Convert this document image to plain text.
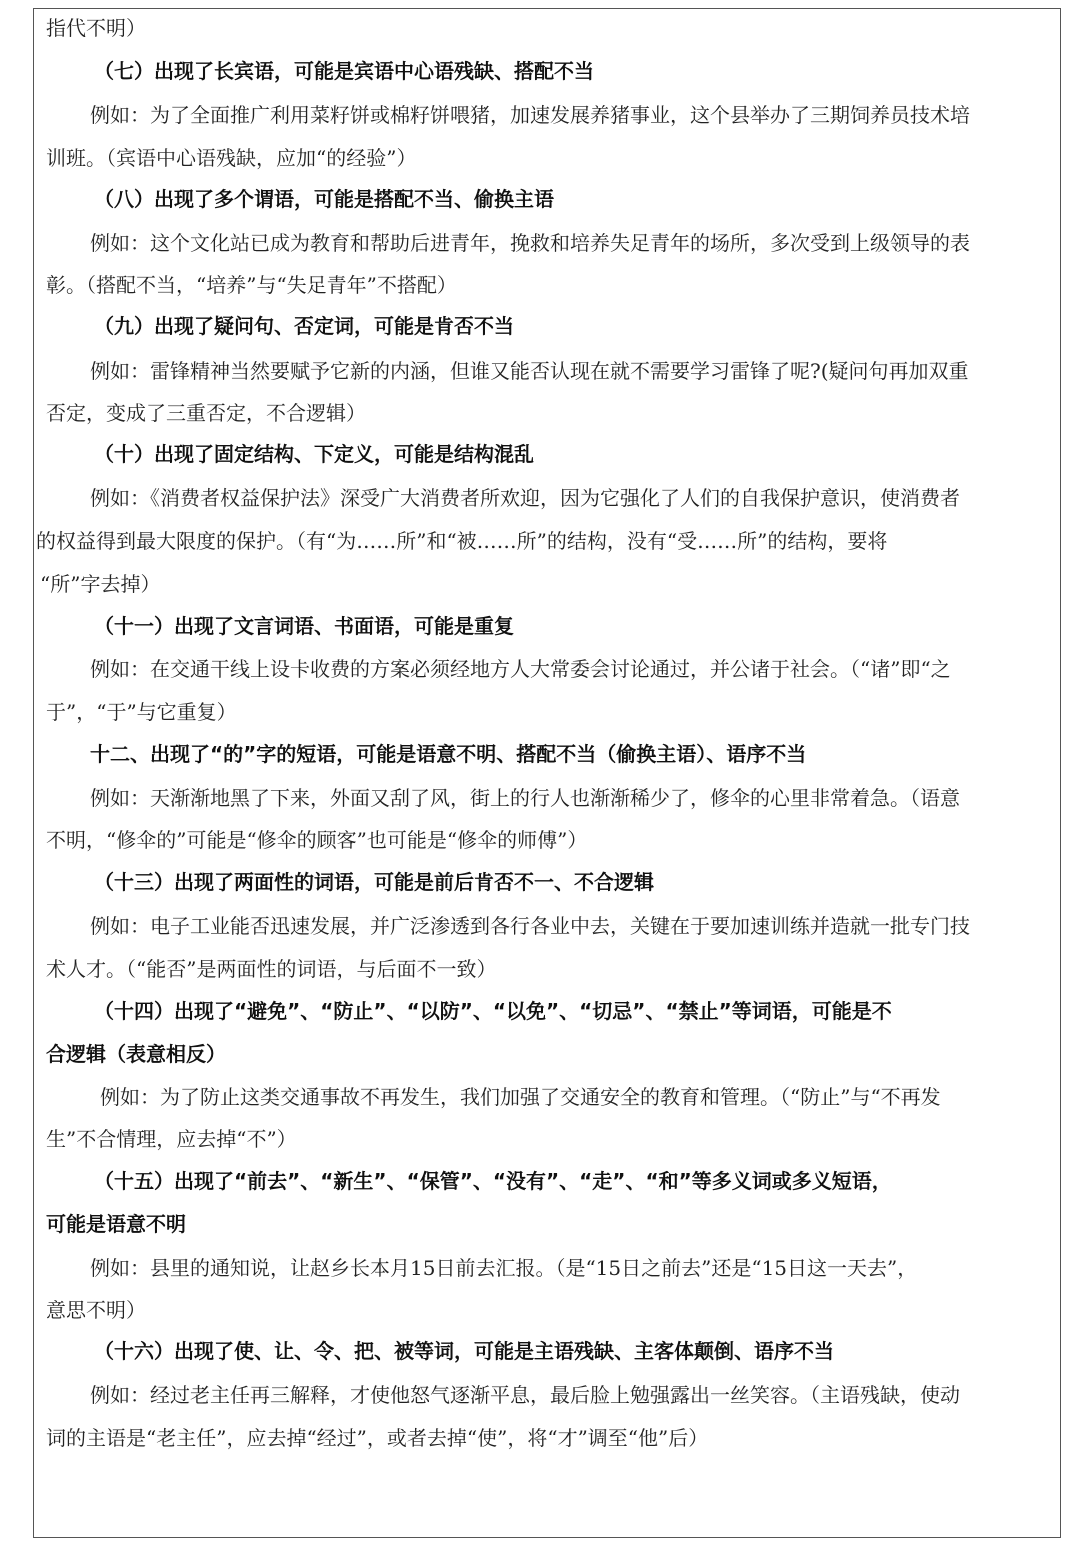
指代不明）
（七）出现了长宾语，可能是宾语中心语残缺、搭配不当
例如：为了全面推广利用菜籽饼或棉籽饼喂猪，加速发展养猪事业，这个县举办了三期饲养员技术培
训班。（宾语中心语残缺，应加“的经验”）
（八）出现了多个谓语，可能是搭配不当、偷换主语
例如：这个文化站已成为教育和帮助后进青年，挽救和培养失足青年的场所，多次受到上级领导的表
彰。（搭配不当，“培养”与“失足青年”不搭配）
（九）出现了疑问句、否定词，可能是肯否不当
例如：雷锋精神当然要赋予它新的内涵，但谁又能否认现在就不需要学习雷锋了呢?(疑问句再加双重
否定，变成了三重否定，不合逻辑）
（十）出现了固定结构、下定义，可能是结构混乱
例如：《消费者权益保护法》深受广大消费者所欢迎，因为它强化了人们的自我保护意识，使消费者
的权益得到最大限度的保护。（有“为……所”和“被……所”的结构，没有“受……所”的结构，要将
“所”字去掉）
（十一）出现了文言词语、书面语，可能是重复
例如：在交通干线上设卡收费的方案必须经地方人大常委会讨论通过，并公诸于社会。（“诸”即“之
于”，“于”与它重复）
十二、出现了“的”字的短语，可能是语意不明、搭配不当（偷换主语）、语序不当
例如：天渐渐地黑了下来，外面又刮了风，街上的行人也渐渐稀少了，修伞的心里非常着急。（语意
不明，“修伞的”可能是“修伞的顾客”也可能是“修伞的师傅”）
（十三）出现了两面性的词语，可能是前后肯否不一、不合逻辑
例如：电子工业能否迅速发展，并广泛渗透到各行各业中去，关键在于要加速训练并造就一批专门技
术人才。（“能否”是两面性的词语，与后面不一致）
（十四）出现了“避免”、“防止”、“以防”、“以免”、“切忌”、“禁止”等词语，可能是不
合逻辑（表意相反）
例如：为了防止这类交通事故不再发生，我们加强了交通安全的教育和管理。（“防止”与“不再发
生”不合情理，应去掉“不”）
（十五）出现了“前去”、“新生”、“保管”、“没有”、“走”、“和”等多义词或多义短语，
可能是语意不明
例如：县里的通知说，让赵乡长本月15日前去汇报。（是“15日之前去”还是“15日这一天去”，
意思不明）
（十六）出现了使、让、令、把、被等词，可能是主语残缺、主客体颠倒、语序不当
例如：经过老主任再三解释，才使他怒气逐渐平息，最后脸上勉强露出一丝笑容。（主语残缺，使动
词的主语是“老主任”，应去掉“经过”，或者去掉“使”，将“才”调至“他”后）
